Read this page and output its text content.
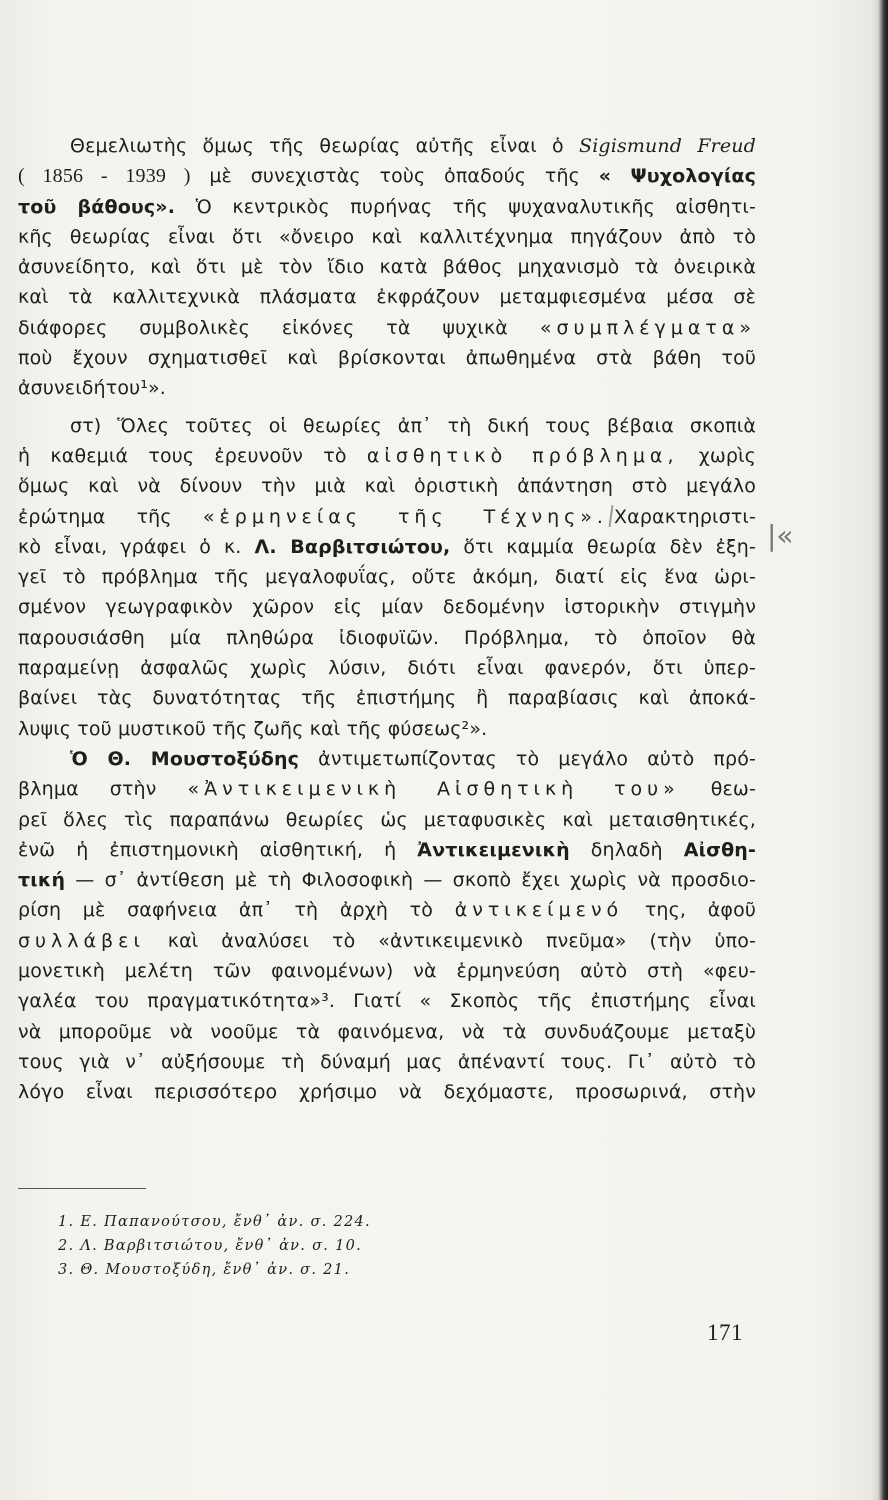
Θεμελιωτὴς ὅμως τῆς θεωρίας αὐτῆς εἶναι ὁ Sigismund Freud
( 1856 - 1939 ) μὲ συνεχιστὰς τοὺς ὀπαδούς τῆς « Ψυχολογίας
τοῦ βάθους». Ὁ κεντρικὸς πυρήνας τῆς ψυχαναλυτικῆς αἰσθητι-
κῆς θεωρίας εἶναι ὅτι «ὄνειρο καὶ καλλιτέχνημα πηγάζουν ἀπὸ τὸ
ἀσυνείδητο, καὶ ὅτι μὲ τὸν ἴδιο κατὰ βάθος μηχανισμὸ τὰ ὀνειρικὰ
καὶ τὰ καλλιτεχνικὰ πλάσματα ἐκφράζουν μεταμφιεσμένα μέσα σὲ
διάφορες συμβολικὲς εἰκόνες τὰ ψυχικὰ «συμπλέγματα»
ποὺ ἔχουν σχηματισθεῖ καὶ βρίσκονται ἀπωθημένα στὰ βάθη τοῦ
ἀσυνειδήτου¹».
στ) Ὅλες τοῦτες οἱ θεωρίες ἀπ᾽ τὴ δική τους βέβαια σκοπιὰ
ἡ καθεμιά τους ἐρευνοῦν τὸ αἰσθητικὸ πρόβλημα, χωρὶς
ὅμως καὶ νὰ δίνουν τὴν μιὰ καὶ ὁριστικὴ ἀπάντηση στὸ μεγάλο
ἐρώτημα τῆς «ἑρμηνείας τῆς Τέχνης». Χαρακτηριστι-
κὸ εἶναι, γράφει ὁ κ. Λ. Βαρβιτσιώτου, ὅτι καμμία θεωρία δὲν ἐξη-
γεῖ τὸ πρόβλημα τῆς μεγαλοφυΐας, οὔτε ἀκόμη, διατί εἰς ἕνα ὡρι-
σμένον γεωγραφικὸν χῶρον εἰς μίαν δεδομένην ἱστορικὴν στιγμὴν
παρουσιάσθη μία πληθώρα ἰδιοφυϊῶν. Πρόβλημα, τὸ ὁποῖον θὰ
παραμείνῃ ἀσφαλῶς χωρὶς λύσιν, διότι εἶναι φανερόν, ὅτι ὑπερ-
βαίνει τὰς δυνατότητας τῆς ἐπιστήμης ἢ παραβίασις καὶ ἀποκά-
λυψις τοῦ μυστικοῦ τῆς ζωῆς καὶ τῆς φύσεως²».
Ὁ Θ. Μουστοξύδης ἀντιμετωπίζοντας τὸ μεγάλο αὐτὸ πρό-
βλημα στὴν «Ἀντικειμενικὴ Αἰσθητικὴ του» θεω-
ρεῖ ὅλες τὶς παραπάνω θεωρίες ὡς μεταφυσικὲς καὶ μεταισθητικές,
ἐνῶ ἡ ἐπιστημονικὴ αἰσθητική, ἡ Ἀντικειμενικὴ δηλαδὴ Αἰσθη-
τική — σ᾽ ἀντίθεση μὲ τὴ Φιλοσοφικὴ — σκοπὸ ἔχει χωρὶς νὰ προσδιο-
ρίση μὲ σαφήνεια ἀπ᾽ τὴ ἀρχὴ τὸ ἀντικείμενό της, ἀφοῦ
συλλάβει καὶ ἀναλύσει τὸ «ἀντικειμενικὸ πνεῦμα» (τὴν ὑπο-
μονετικὴ μελέτη τῶν φαινομένων) νὰ ἑρμηνεύση αὐτὸ στὴ «φευ-
γαλέα του πραγματικότητα»³. Γιατί « Σκοπὸς τῆς ἐπιστήμης εἶναι
νὰ μποροῦμε νὰ νοοῦμε τὰ φαινόμενα, νὰ τὰ συνδυάζουμε μεταξὺ
τους γιὰ ν᾽ αὐξήσουμε τὴ δύναμή μας ἀπέναντί τους. Γι᾽ αὐτὸ τὸ
λόγο εἶναι περισσότερο χρήσιμο νὰ δεχόμαστε, προσωρινά, στὴν
|«
1. Ε. Παπανούτσου, ἔνθ᾽ ἀν. σ. 224.
2. Λ. Βαρβιτσιώτου, ἔνθ᾽ ἀν. σ. 10.
3. Θ. Μουστοξύδη, ἔνθ᾽ ἀν. σ. 21.
171
